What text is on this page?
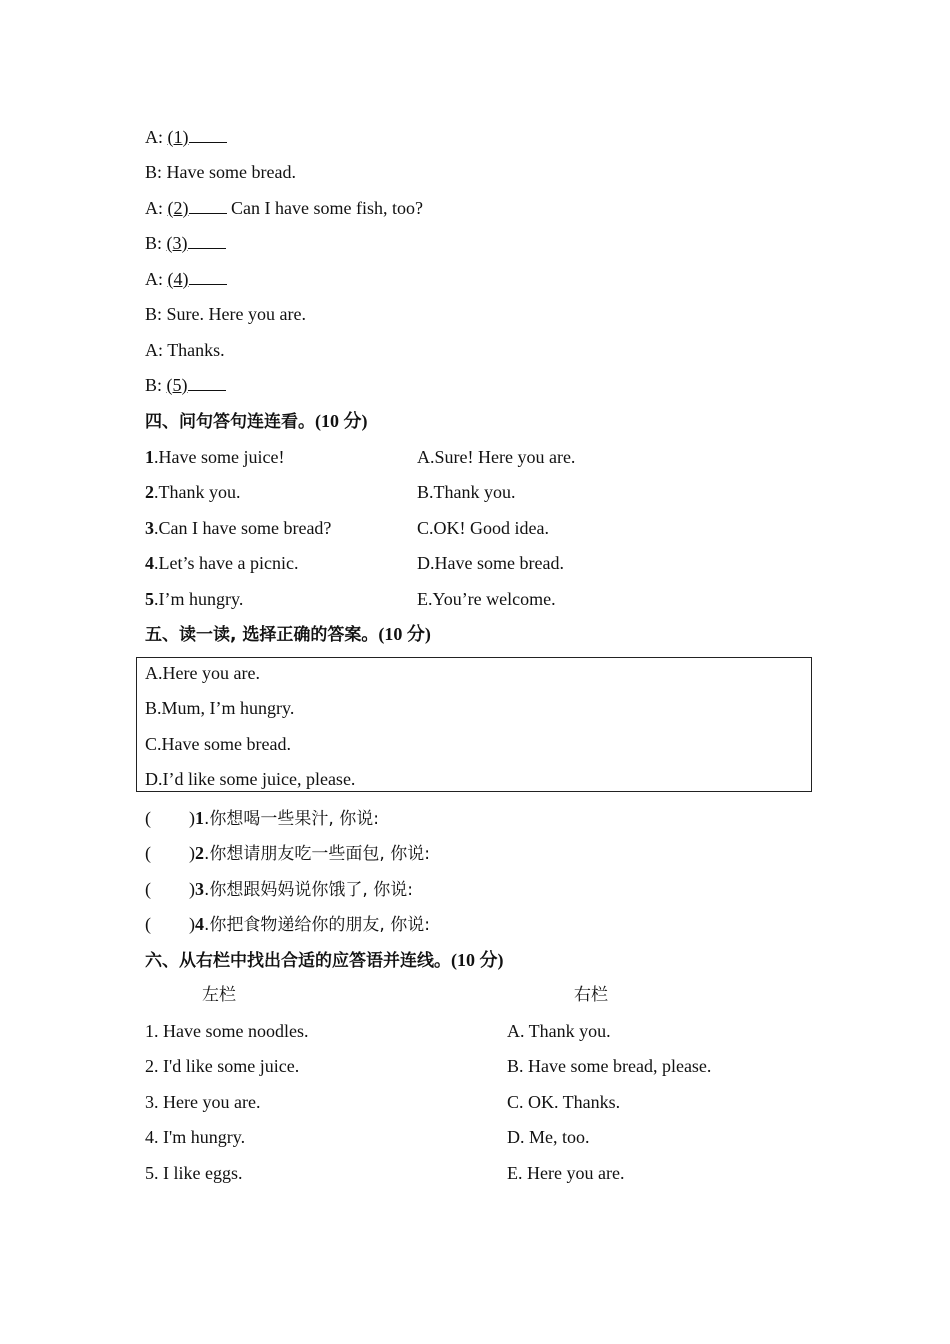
A: (1)
B: Have some bread.
A: (2) Can I have some fish, too?
B: (3)
A: (4)
B: Sure. Here you are.
A: Thanks.
B: (5)
四、问句答句连连看。(10 分)
1.Have some juice!
2.Thank you.
3.Can I have some bread?
4.Let’s have a picnic.
5.I’m hungry.
A.Sure! Here you are.
B.Thank you.
C.OK! Good idea.
D.Have some bread.
E.You’re welcome.
五、读一读, 选择正确的答案。(10 分)
A.Here you are.
B.Mum, I’m hungry.
C.Have some bread.
D.I’d like some juice, please.
( )1.你想喝一些果汁, 你说:
( )2.你想请朋友吃一些面包, 你说:
( )3.你想跟妈妈说你饿了, 你说:
( )4.你把食物递给你的朋友, 你说:
六、从右栏中找出合适的应答语并连线。(10 分)
左栏	右栏
1. Have some noodles.
2. I'd like some juice.
3. Here you are.
4. I'm hungry.
5. I like eggs.
A. Thank you.
B. Have some bread, please.
C. OK. Thanks.
D. Me, too.
E. Here you are.
